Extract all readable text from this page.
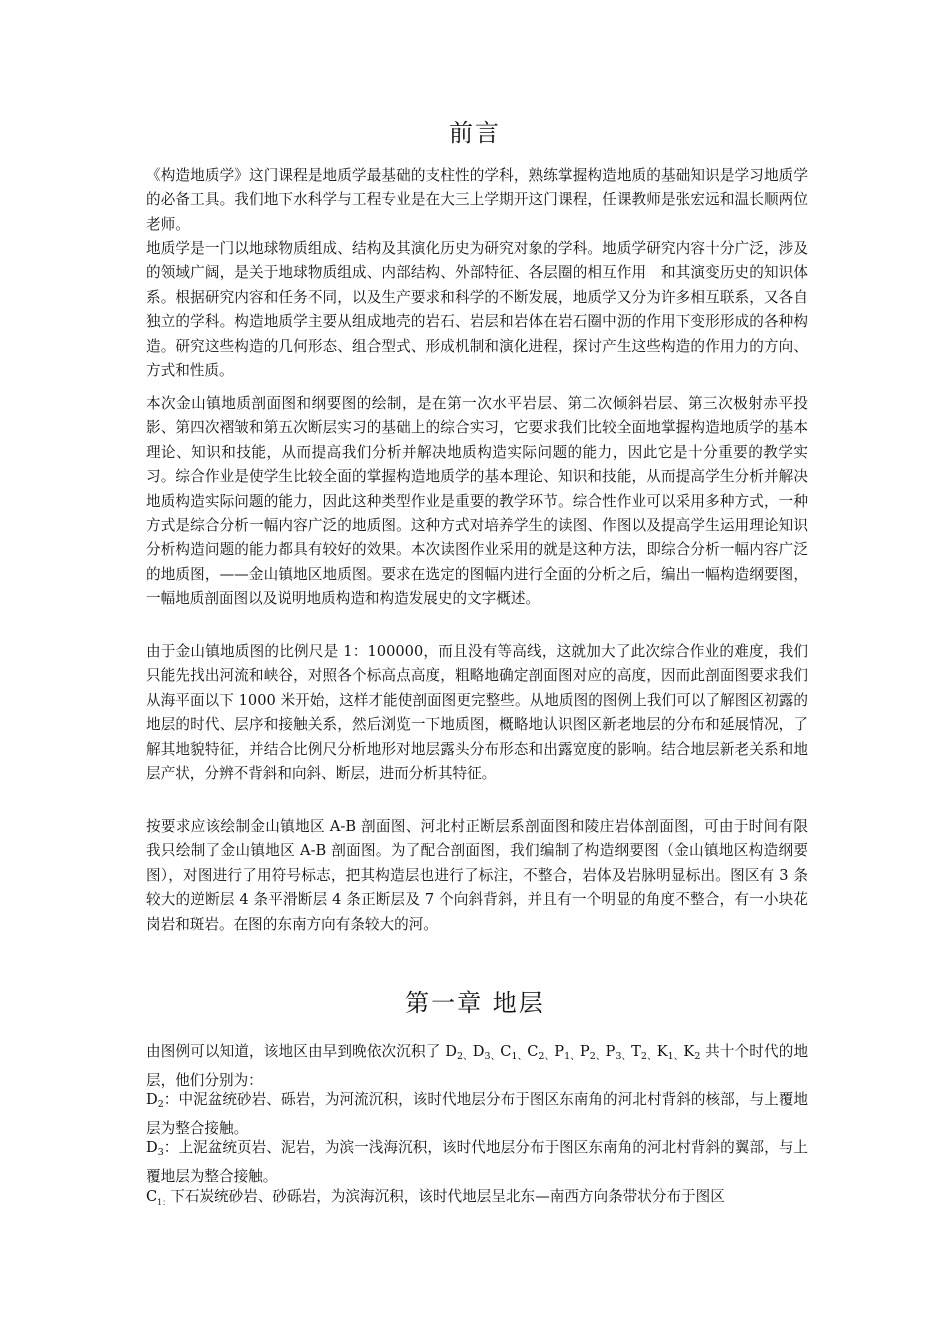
前言

《构造地质学》这门课程是地质学最基础的支柱性的学科，熟练掌握构造地质的基础知识是学习地质学的必备工具。我们地下水科学与工程专业是在大三上学期开这门课程，任课教师是张宏远和温长顺两位老师。

地质学是一门以地球物质组成、结构及其演化历史为研究对象的学科。地质学研究内容十分广泛，涉及的领域广阔，是关于地球物质组成、内部结构、外部特征、各层圈的相互作用　和其演变历史的知识体系。根据研究内容和任务不同，以及生产要求和科学的不断发展，地质学又分为许多相互联系，又各自独立的学科。构造地质学主要从组成地壳的岩石、岩层和岩体在岩石圈中沥的作用下变形形成的各种构造。研究这些构造的几何形态、组合型式、形成机制和演化进程，探讨产生这些构造的作用力的方向、方式和性质。

本次金山镇地质剖面图和纲要图的绘制，是在第一次水平岩层、第二次倾斜岩层、第三次极射赤平投影、第四次褶皱和第五次断层实习的基础上的综合实习，它要求我们比较全面地掌握构造地质学的基本理论、知识和技能，从而提高我们分析并解决地质构造实际问题的能力，因此它是十分重要的教学实习。综合作业是使学生比较全面的掌握构造地质学的基本理论、知识和技能，从而提高学生分析并解决地质构造实际问题的能力，因此这种类型作业是重要的教学环节。综合性作业可以采用多种方式，一种方式是综合分析一幅内容广泛的地质图。这种方式对培养学生的读图、作图以及提高学生运用理论知识分析构造问题的能力都具有较好的效果。本次读图作业采用的就是这种方法，即综合分析一幅内容广泛的地质图，——金山镇地区地质图。要求在选定的图幅内进行全面的分析之后，编出一幅构造纲要图，一幅地质剖面图以及说明地质构造和构造发展史的文字概述。

由于金山镇地质图的比例尺是 1：100000，而且没有等高线，这就加大了此次综合作业的难度，我们只能先找出河流和峡谷，对照各个标高点高度，粗略地确定剖面图对应的高度，因而此剖面图要求我们从海平面以下 1000 米开始，这样才能使剖面图更完整些。从地质图的图例上我们可以了解图区初露的地层的时代、层序和接触关系，然后浏览一下地质图，概略地认识图区新老地层的分布和延展情况，了解其地貌特征，并结合比例尺分析地形对地层露头分布形态和出露宽度的影响。结合地层新老关系和地层产状，分辨不背斜和向斜、断层，进而分析其特征。

按要求应该绘制金山镇地区 A-B 剖面图、河北村正断层系剖面图和陵庄岩体剖面图，可由于时间有限我只绘制了金山镇地区 A-B 剖面图。为了配合剖面图，我们编制了构造纲要图（金山镇地区构造纲要图），对图进行了用符号标志，把其构造层也进行了标注，不整合，岩体及岩脉明显标出。图区有 3 条较大的逆断层 4 条平滑断层 4 条正断层及 7 个向斜背斜，并且有一个明显的角度不整合，有一小块花岗岩和斑岩。在图的东南方向有条较大的河。

第一章 地层

由图例可以知道，该地区由早到晚依次沉积了 $D_{2、}D_{3、}C_{1、}C_{2、}P_{1、}P_{2、}P_{3、}T_{2、}K_{1、}K_2$ 共十个时代的地层，他们分别为：

$D_2$：中泥盆统砂岩、砾岩，为河流沉积，该时代地层分布于图区东南角的河北村背斜的核部，与上覆地层为整合接触。

$D_3$：上泥盆统页岩、泥岩，为滨一浅海沉积，该时代地层分布于图区东南角的河北村背斜的翼部，与上覆地层为整合接触。

$C_{1:}$下石炭统砂岩、砂砾岩，为滨海沉积，该时代地层呈北东—南西方向条带状分布于图区
